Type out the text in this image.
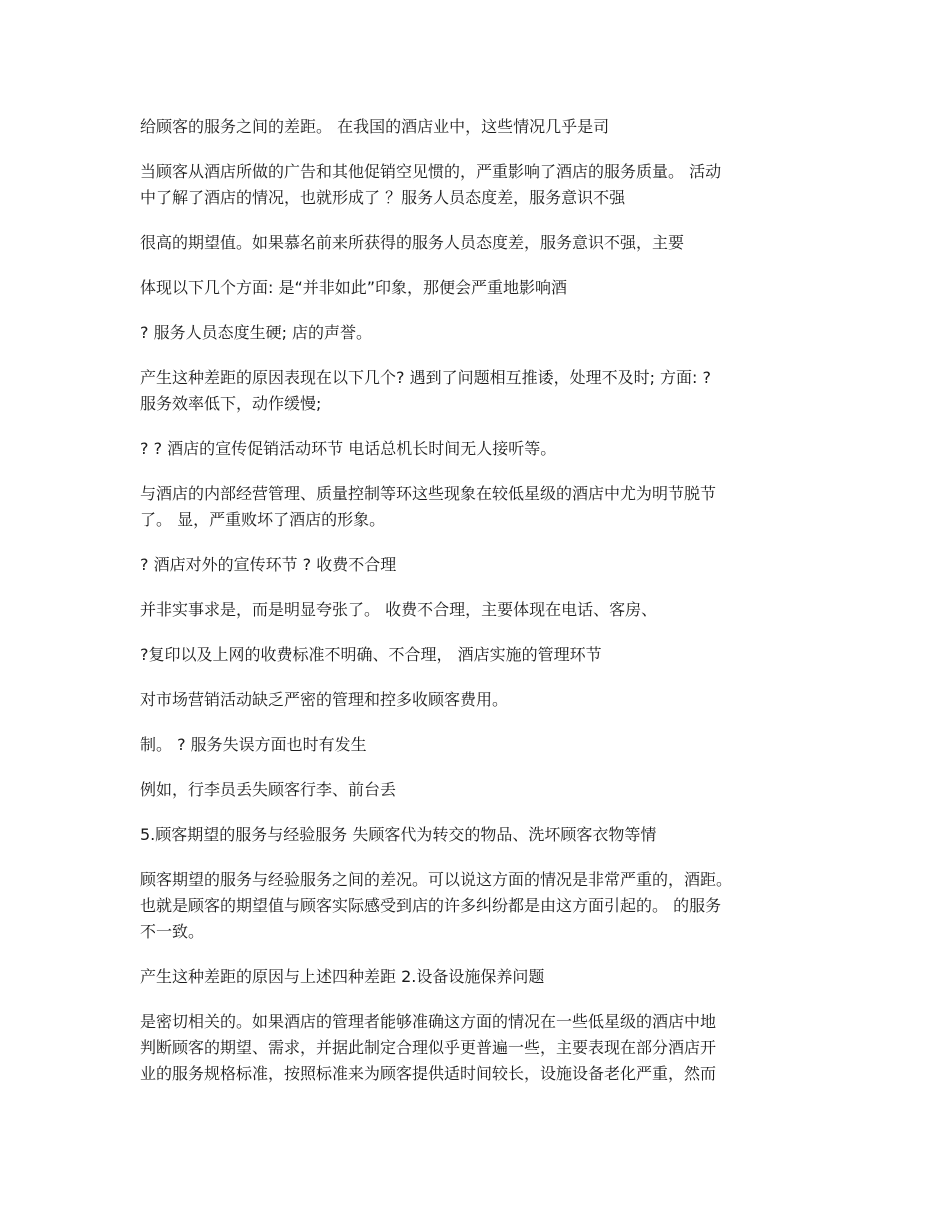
给顾客的服务之间的差距。 在我国的酒店业中，这些情况几乎是司

当顾客从酒店所做的广告和其他促销空见惯的，严重影响了酒店的服务质量。 活动
中了解了酒店的情况，也就形成了 ？服务人员态度差，服务意识不强

很高的期望值。如果慕名前来所获得的服务人员态度差，服务意识不强，主要

体现以下几个方面: 是“并非如此”印象，那便会严重地影响酒

? 服务人员态度生硬; 店的声誉。

产生这种差距的原因表现在以下几个? 遇到了问题相互推诿，处理不及时; 方面: ?
服务效率低下，动作缓慢;

? ? 酒店的宣传促销活动环节 电话总机长时间无人接听等。

与酒店的内部经营管理、质量控制等环这些现象在较低星级的酒店中尤为明节脱节
了。 显，严重败坏了酒店的形象。

? 酒店对外的宣传环节 ? 收费不合理

并非实事求是，而是明显夸张了。 收费不合理，主要体现在电话、客房、

?复印以及上网的收费标准不明确、不合理， 酒店实施的管理环节

对市场营销活动缺乏严密的管理和控多收顾客费用。

制。 ? 服务失误方面也时有发生

例如，行李员丢失顾客行李、前台丢

5.顾客期望的服务与经验服务 失顾客代为转交的物品、洗坏顾客衣物等情

顾客期望的服务与经验服务之间的差况。可以说这方面的情况是非常严重的，酒距。
也就是顾客的期望值与顾客实际感受到店的许多纠纷都是由这方面引起的。 的服务
不一致。

产生这种差距的原因与上述四种差距 2.设备设施保养问题

是密切相关的。如果酒店的管理者能够准确这方面的情况在一些低星级的酒店中地
判断顾客的期望、需求，并据此制定合理似乎更普遍一些，主要表现在部分酒店开
业的服务规格标准，按照标准来为顾客提供适时间较长，设施设备老化严重，然而
